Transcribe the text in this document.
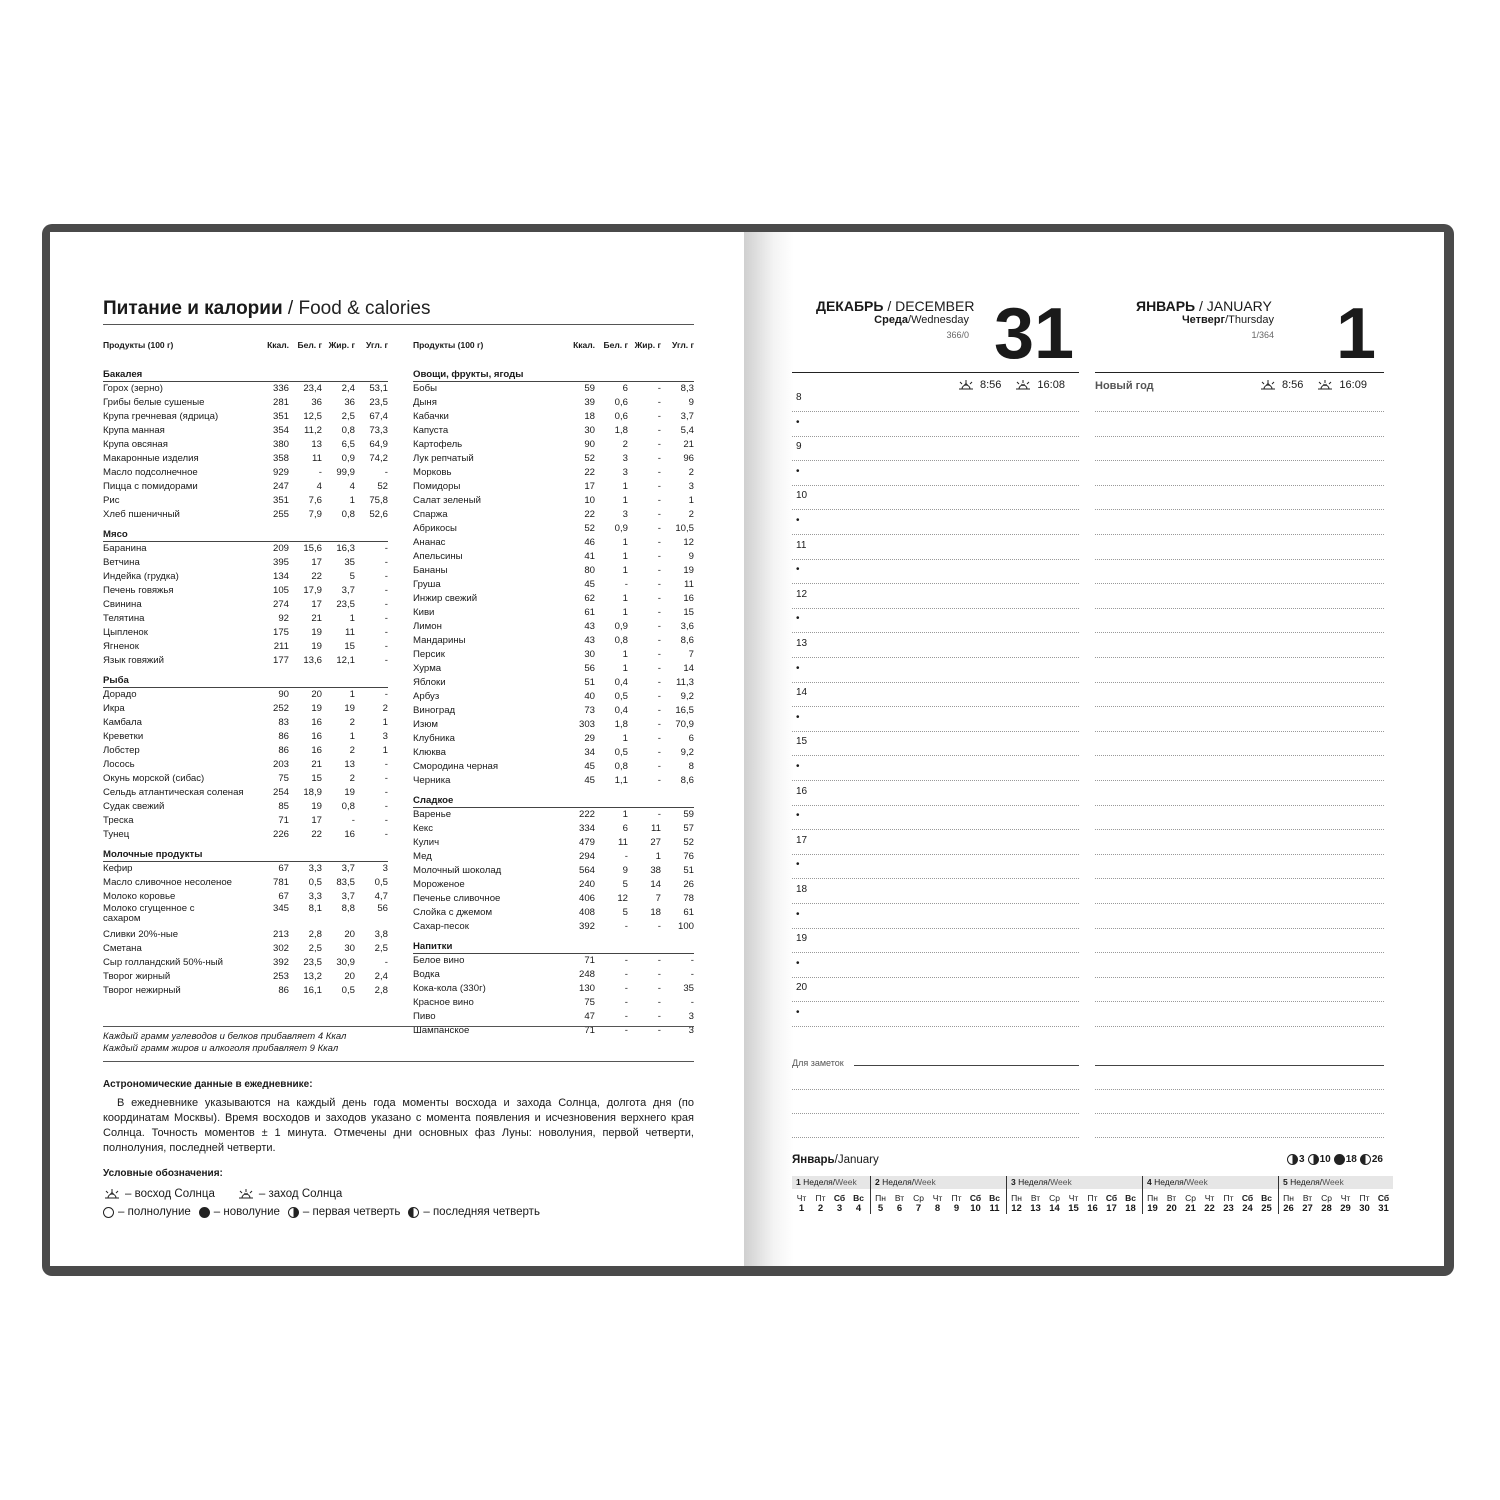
Питание и калории / Food & calories
Продукты (100 г)	Ккал.	Бел. г Жир. г	Угл. г
Бакалея
Горох (зерно)	336	23,4	2,4	53,1
Грибы белые сушеные	281	36	36	23,5
Крупа гречневая (ядрица)	351	12,5	2,5	67,4
Крупа манная	354	11,2	0,8	73,3
Крупа овсяная	380	13	6,5	64,9
Макаронные изделия	358	11	0,9	74,2
Масло подсолнечное	929	-	99,9	-
Пицца с помидорами	247	4	4	52
Рис	351	7,6	1	75,8
Хлеб пшеничный	255	7,9	0,8	52,6
Мясо
Баранина	209	15,6	16,3	-
Ветчина	395	17	35	-
Индейка (грудка)	134	22	5	-
Печень говяжья	105	17,9	3,7	-
Свинина	274	17	23,5	-
Телятина	92	21	1	-
Цыпленок	175	19	11	-
Ягненок	211	19	15	-
Язык говяжий	177	13,6	12,1	-
Рыба
Дорадо	90	20	1	-
Икра	252	19	19	2
Камбала	83	16	2	1
Креветки	86	16	1	3
Лобстер	86	16	2	1
Лосось	203	21	13	-
Окунь морской (сибас)	75	15	2	-
Сельдь атлантическая соленая	254	18,9	19	-
Судак свежий	85	19	0,8	-
Треска	71	17	-	-
Тунец	226	22	16	-
Молочные продукты
Кефир	67	3,3	3,7	3
Масло сливочное несоленое	781	0,5	83,5	0,5
Молоко коровье	67	3,3	3,7	4,7
Молоко сгущенное с сахаром
345	8,1	8,8	56
Сливки 20%-ные	213	2,8	20	3,8
Сметана	302	2,5	30	2,5
Сыр голландский 50%-ный	392	23,5	30,9	-
Творог жирный	253	13,2	20	2,4
Творог нежирный	86	16,1	0,5	2,8
Продукты (100 г)	Ккал.	Бел. г Жир. г	Угл. г
Овощи, фрукты, ягоды
Бобы	59	6	-	8,3
Дыня	39	0,6	-	9
Кабачки	18	0,6	-	3,7
Капуста	30	1,8	-	5,4
Картофель	90	2	-	21
Лук репчатый	52	3	-	96
Морковь	22	3	-	2
Помидоры	17	1	-	3
Салат зеленый	10	1	-	1
Спаржа	22	3	-	2
Абрикосы	52	0,9	-	10,5
Ананас	46	1	-	12
Апельсины	41	1	-	9
Бананы	80	1	-	19
Груша	45	-	-	11
Инжир свежий	62	1	-	16
Киви	61	1	-	15
Лимон	43	0,9	-	3,6
Мандарины	43	0,8	-	8,6
Персик	30	1	-	7
Хурма	56	1	-	14
Яблоки	51	0,4	-	11,3
Арбуз	40	0,5	-	9,2
Виноград	73	0,4	-	16,5
Изюм	303	1,8	-	70,9
Клубника	29	1	-	6
Клюква	34	0,5	-	9,2
Смородина черная	45	0,8	-	8
Черника	45	1,1	-	8,6
Сладкое
Варенье	222	1	-	59
Кекс	334	6	11	57
Кулич	479	11	27	52
Мед	294	-	1	76
Молочный шоколад	564	9	38	51
Мороженое	240	5	14	26
Печенье сливочное	406	12	7	78
Слойка с джемом	408	5	18	61
Сахар-песок	392	-	-	100
Напитки
Белое вино	71	-	-	-
Водка	248	-	-	-
Кока-кола (330г)	130	-	-	35
Красное вино	75	-	-	-
Пиво	47	-	-	3
Шампанское	71	-	-	3
Каждый грамм углеводов и белков прибавляет 4 Ккал
Каждый грамм жиров и алкоголя прибавляет 9 Ккал
Астрономические данные в ежедневнике:
В ежедневнике указываются на каждый день года моменты восхода и захода Солнца, долгота дня (по координатам Москвы). Время восходов и заходов указано с момента появления и исчезновения верхнего края Солнца. Точность моментов ± 1 минута. Отмечены дни основных фаз Луны: новолуния, первой четверти, полнолуния, последней четверти.
Условные обозначения:
– восход Солнца	– заход Солнца
– полнолуние – новолуние – первая четверть – последняя четверть
ДЕКАБРЬ / DECEMBER
Среда/Wednesday
366/0 31
8:56	16:08
ЯНВАРЬ / JANUARY
Четверг/Thursday
1/364 1
Новый год	8:56	16:09
8
•
9
•
10
•
11
•
12
•
13
•
14
•
15
•
16
•
17
•
18
•
19
•
20
•
Для заметок
Январь/January	3 10 18 26
1 Неделя/Week
Чт	Пт Сб Вс
1	2	3	4
2 Неделя/Week
Пн	Вт	Ср	Чт	Пт Сб Вс
5	6	7	8	9	10 11
3 Неделя/Week
Пн	Вт	Ср	Чт	Пт Сб Вс
12 13 14 15 16 17 18
4 Неделя/Week
Пн	Вт	Ср	Чт	Пт Сб Вс
19 20 21 22 23 24 25
5 Неделя/Week
Пн	Вт	Ср	Чт	Пт Сб
26 27 28 29 30 31
